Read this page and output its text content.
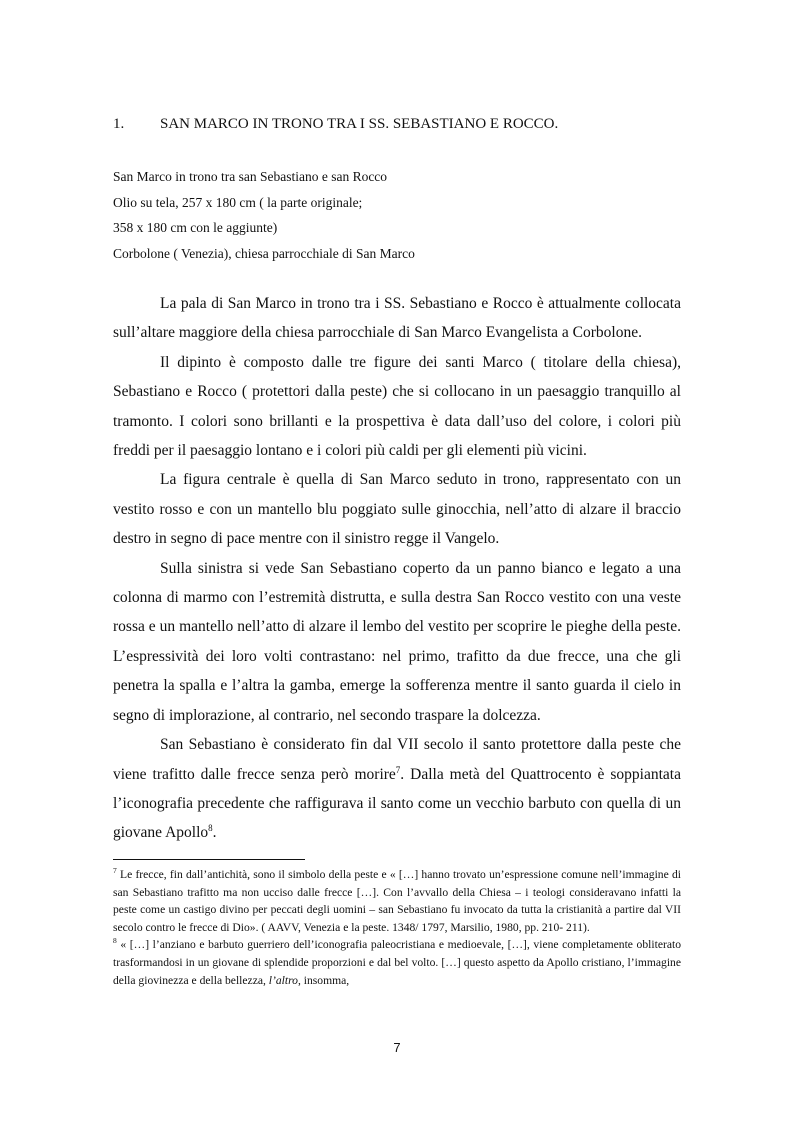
1. SAN MARCO IN TRONO TRA I SS. SEBASTIANO E ROCCO.
San Marco in trono tra san Sebastiano e san Rocco
Olio su tela, 257 x 180 cm ( la parte originale;
358 x 180 cm con le aggiunte)
Corbolone ( Venezia), chiesa parrocchiale di San Marco

La pala di San Marco in trono tra i SS. Sebastiano e Rocco è attualmente collocata sull’altare maggiore della chiesa parrocchiale di San Marco Evangelista a Corbolone.

Il dipinto è composto dalle tre figure dei santi Marco ( titolare della chiesa), Sebastiano e Rocco ( protettori dalla peste) che si collocano in un paesaggio tranquillo al tramonto. I colori sono brillanti e la prospettiva è data dall’uso del colore, i colori più freddi per il paesaggio lontano e i colori più caldi per gli elementi più vicini.

La figura centrale è quella di San Marco seduto in trono, rappresentato con un vestito rosso e con un mantello blu poggiato sulle ginocchia, nell’atto di alzare il braccio destro in segno di pace mentre con il sinistro regge il Vangelo.

Sulla sinistra si vede San Sebastiano coperto da un panno bianco e legato a una colonna di marmo con l’estremità distrutta, e sulla destra San Rocco vestito con una veste rossa e un mantello nell’atto di alzare il lembo del vestito per scoprire le pieghe della peste. L’espressività dei loro volti contrastano: nel primo, trafitto da due frecce, una che gli penetra la spalla e l’altra la gamba, emerge la sofferenza mentre il santo guarda il cielo in segno di implorazione, al contrario, nel secondo traspare la dolcezza.

San Sebastiano è considerato fin dal VII secolo il santo protettore dalla peste che viene trafitto dalle frecce senza però morire$^7$. Dalla metà del Quattrocento è soppiantata l’iconografia precedente che raffigurava il santo come un vecchio barbuto con quella di un giovane Apollo$^8$.

$^7$ Le frecce, fin dall’antichità, sono il simbolo della peste e « […] hanno trovato un’espressione comune nell’immagine di san Sebastiano trafitto ma non ucciso dalle frecce […]. Con l’avvallo della Chiesa – i teologi consideravano infatti la peste come un castigo divino per peccati degli uomini – san Sebastiano fu invocato da tutta la cristianità a partire dal VII secolo contro le frecce di Dio». ( AAVV, Venezia e la peste. 1348/ 1797, Marsilio, 1980, pp. 210- 211).

$^8$ « […] l’anziano e barbuto guerriero dell’iconografia paleocristiana e medioevale, […], viene completamente obliterato trasformandosi in un giovane di splendide proporzioni e dal bel volto. […] questo aspetto da Apollo cristiano, l’immagine della giovinezza e della bellezza, l’altro, insomma,

7
